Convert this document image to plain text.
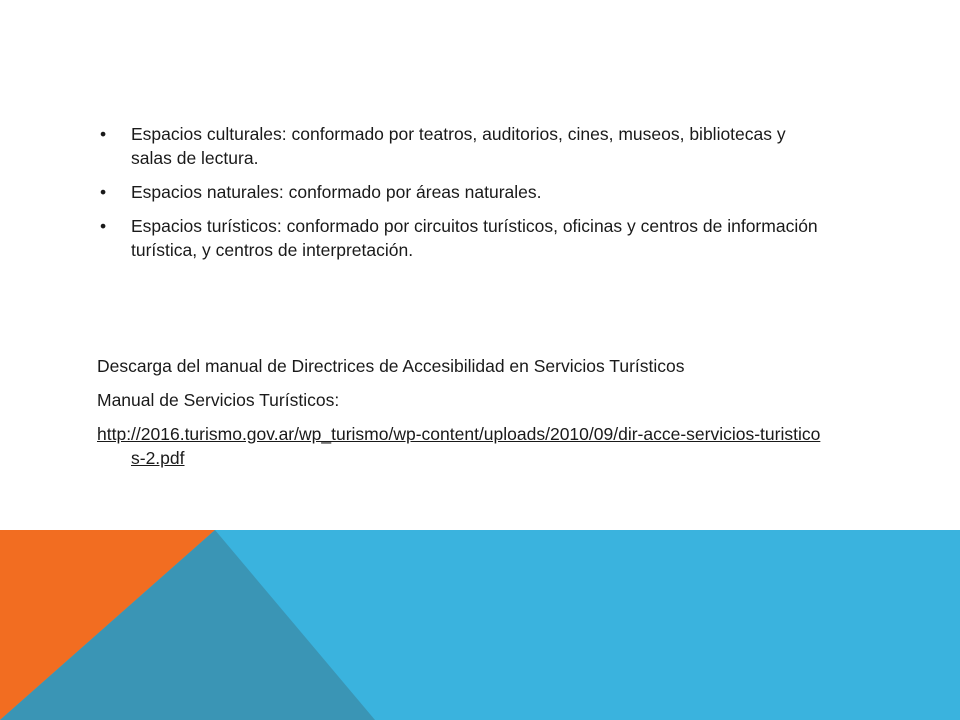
• Espacios culturales: conformado por teatros, auditorios, cines, museos, bibliotecas y salas de lectura.
• Espacios naturales: conformado por áreas naturales.
• Espacios turísticos: conformado por circuitos turísticos, oficinas y centros de información turística, y centros de interpretación.

Descarga del manual de Directrices de Accesibilidad en Servicios Turísticos

Manual de Servicios Turísticos:

http://2016.turismo.gov.ar/wp_turismo/wp-content/uploads/2010/09/dir-acce-servicios-turisticos-2.pdf
